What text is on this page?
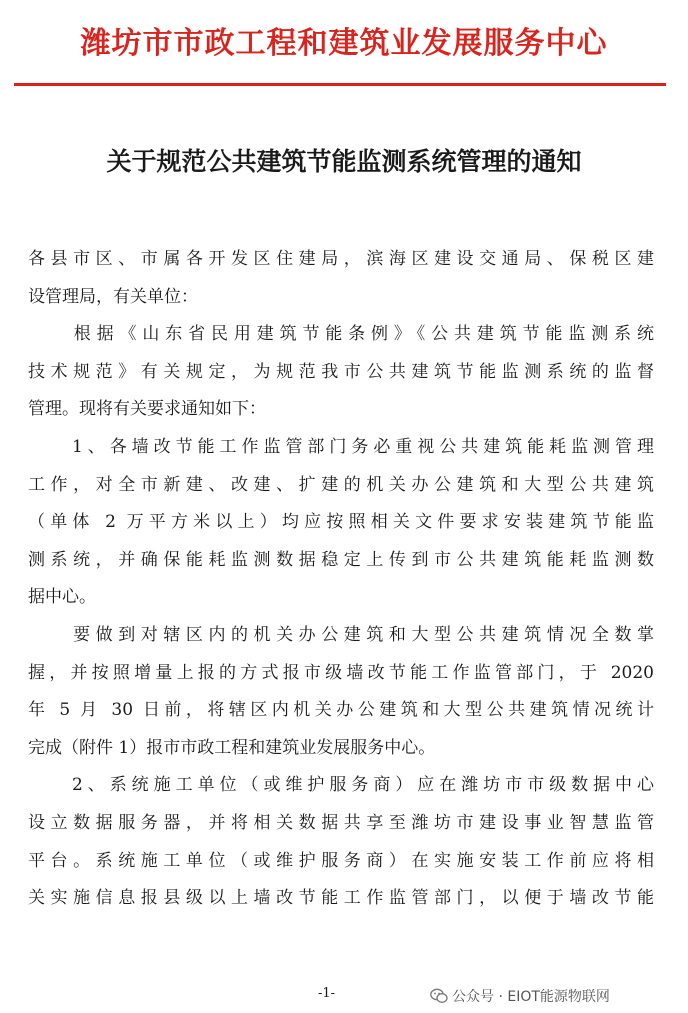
潍坊市市政工程和建筑业发展服务中心
关于规范公共建筑节能监测系统管理的通知
各县市区、市属各开发区住建局，滨海区建设交通局、保税区建
设管理局，有关单位：
　　根据《山东省民用建筑节能条例》《公共建筑节能监测系统
技术规范》有关规定，为规范我市公共建筑节能监测系统的监督
管理。现将有关要求通知如下：
　　1、各墙改节能工作监管部门务必重视公共建筑能耗监测管理
工作，对全市新建、改建、扩建的机关办公建筑和大型公共建筑
（单体 2 万平方米以上）均应按照相关文件要求安装建筑节能监
测系统，并确保能耗监测数据稳定上传到市公共建筑能耗监测数
据中心。
　　要做到对辖区内的机关办公建筑和大型公共建筑情况全数掌
握，并按照增量上报的方式报市级墙改节能工作监管部门，于 2020
年 5 月 30 日前，将辖区内机关办公建筑和大型公共建筑情况统计
完成（附件 1）报市市政工程和建筑业发展服务中心。
　　2、系统施工单位（或维护服务商）应在潍坊市市级数据中心
设立数据服务器，并将相关数据共享至潍坊市建设事业智慧监管
平台。系统施工单位（或维护服务商）在实施安装工作前应将相
关实施信息报县级以上墙改节能工作监管部门，以便于墙改节能
-1-	公众号 · EIOT能源物联网
